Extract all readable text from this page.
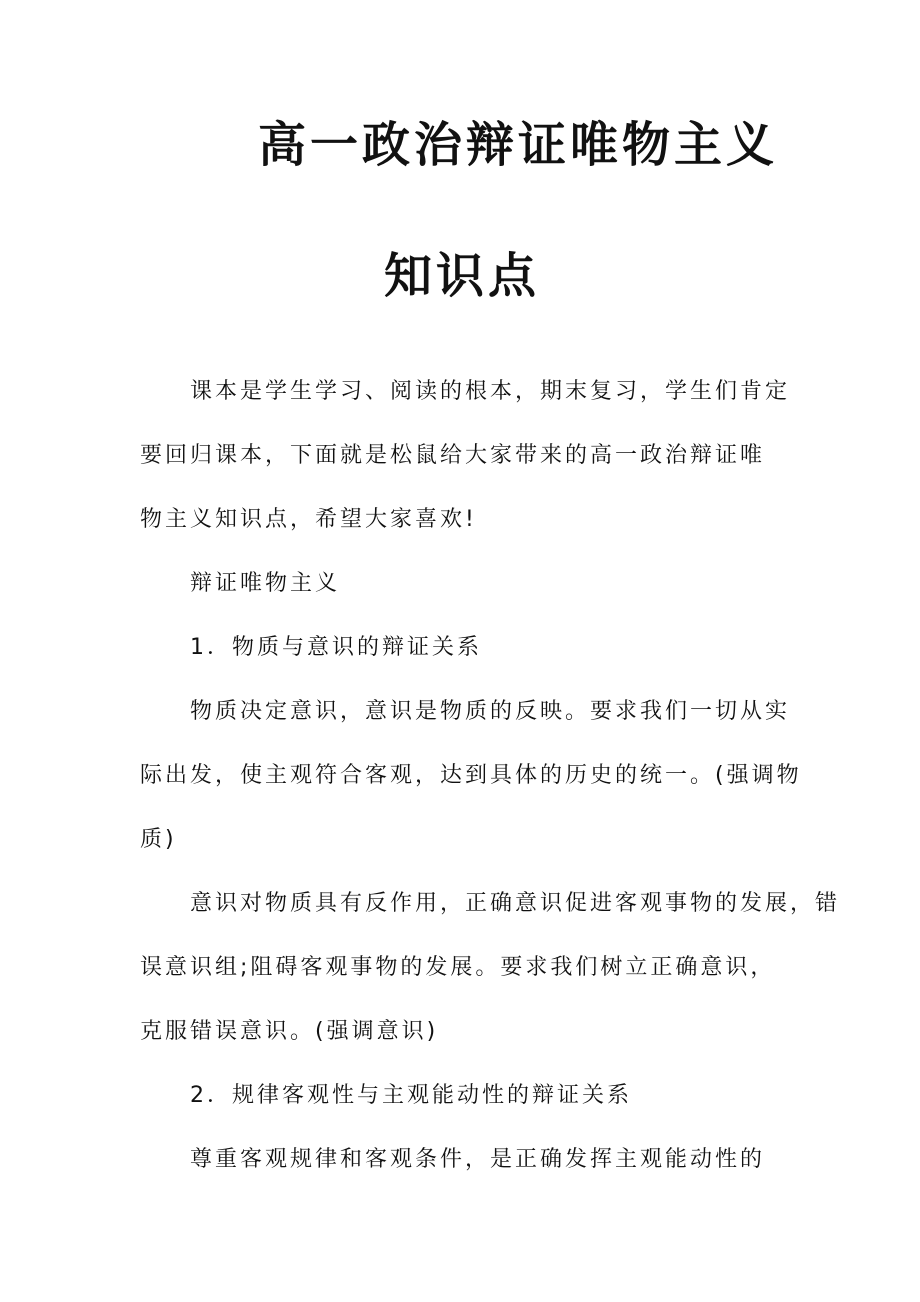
高一政治辩证唯物主义
知识点
课本是学生学习、阅读的根本，期末复习，学生们肯定
要回归课本，下面就是松鼠给大家带来的高一政治辩证唯
物主义知识点，希望大家喜欢!
辩证唯物主义
1．物质与意识的辩证关系
物质决定意识，意识是物质的反映。要求我们一切从实
际出发，使主观符合客观，达到具体的历史的统一。(强调物
质)
意识对物质具有反作用，正确意识促进客观事物的发展，错
误意识组;阻碍客观事物的发展。要求我们树立正确意识，
克服错误意识。(强调意识)
2．规律客观性与主观能动性的辩证关系
尊重客观规律和客观条件，是正确发挥主观能动性的
